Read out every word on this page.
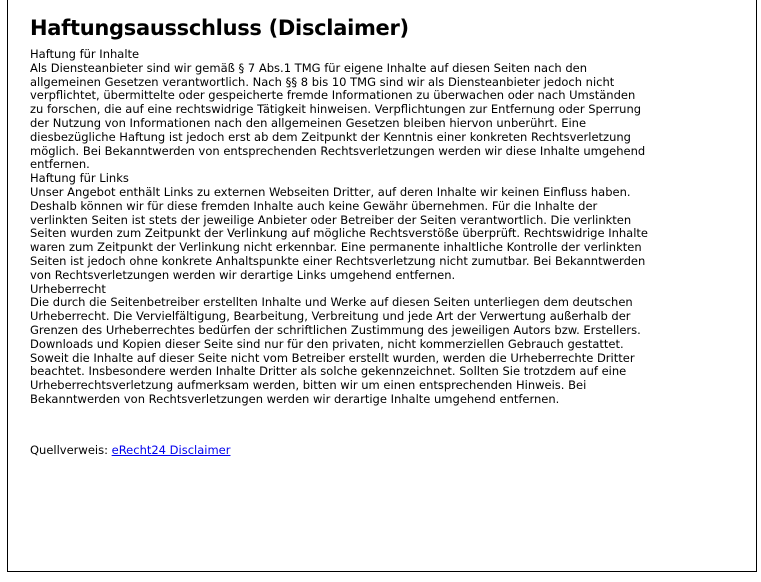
Haftungsausschluss (Disclaimer)
Haftung für Inhalte
Als Diensteanbieter sind wir gemäß § 7 Abs.1 TMG für eigene Inhalte auf diesen Seiten nach den allgemeinen Gesetzen verantwortlich. Nach §§ 8 bis 10 TMG sind wir als Diensteanbieter jedoch nicht verpflichtet, übermittelte oder gespeicherte fremde Informationen zu überwachen oder nach Umständen zu forschen, die auf eine rechtswidrige Tätigkeit hinweisen. Verpflichtungen zur Entfernung oder Sperrung der Nutzung von Informationen nach den allgemeinen Gesetzen bleiben hiervon unberührt. Eine diesbezügliche Haftung ist jedoch erst ab dem Zeitpunkt der Kenntnis einer konkreten Rechtsverletzung möglich. Bei Bekanntwerden von entsprechenden Rechtsverletzungen werden wir diese Inhalte umgehend entfernen.
Haftung für Links
Unser Angebot enthält Links zu externen Webseiten Dritter, auf deren Inhalte wir keinen Einfluss haben. Deshalb können wir für diese fremden Inhalte auch keine Gewähr übernehmen. Für die Inhalte der verlinkten Seiten ist stets der jeweilige Anbieter oder Betreiber der Seiten verantwortlich. Die verlinkten Seiten wurden zum Zeitpunkt der Verlinkung auf mögliche Rechtsverstöße überprüft. Rechtswidrige Inhalte waren zum Zeitpunkt der Verlinkung nicht erkennbar. Eine permanente inhaltliche Kontrolle der verlinkten Seiten ist jedoch ohne konkrete Anhaltspunkte einer Rechtsverletzung nicht zumutbar. Bei Bekanntwerden von Rechtsverletzungen werden wir derartige Links umgehend entfernen.
Urheberrecht
Die durch die Seitenbetreiber erstellten Inhalte und Werke auf diesen Seiten unterliegen dem deutschen Urheberrecht. Die Vervielfältigung, Bearbeitung, Verbreitung und jede Art der Verwertung außerhalb der Grenzen des Urheberrechtes bedürfen der schriftlichen Zustimmung des jeweiligen Autors bzw. Erstellers. Downloads und Kopien dieser Seite sind nur für den privaten, nicht kommerziellen Gebrauch gestattet. Soweit die Inhalte auf dieser Seite nicht vom Betreiber erstellt wurden, werden die Urheberrechte Dritter beachtet. Insbesondere werden Inhalte Dritter als solche gekennzeichnet. Sollten Sie trotzdem auf eine Urheberrechtsverletzung aufmerksam werden, bitten wir um einen entsprechenden Hinweis. Bei Bekanntwerden von Rechtsverletzungen werden wir derartige Inhalte umgehend entfernen.
Quellverweis: eRecht24 Disclaimer
